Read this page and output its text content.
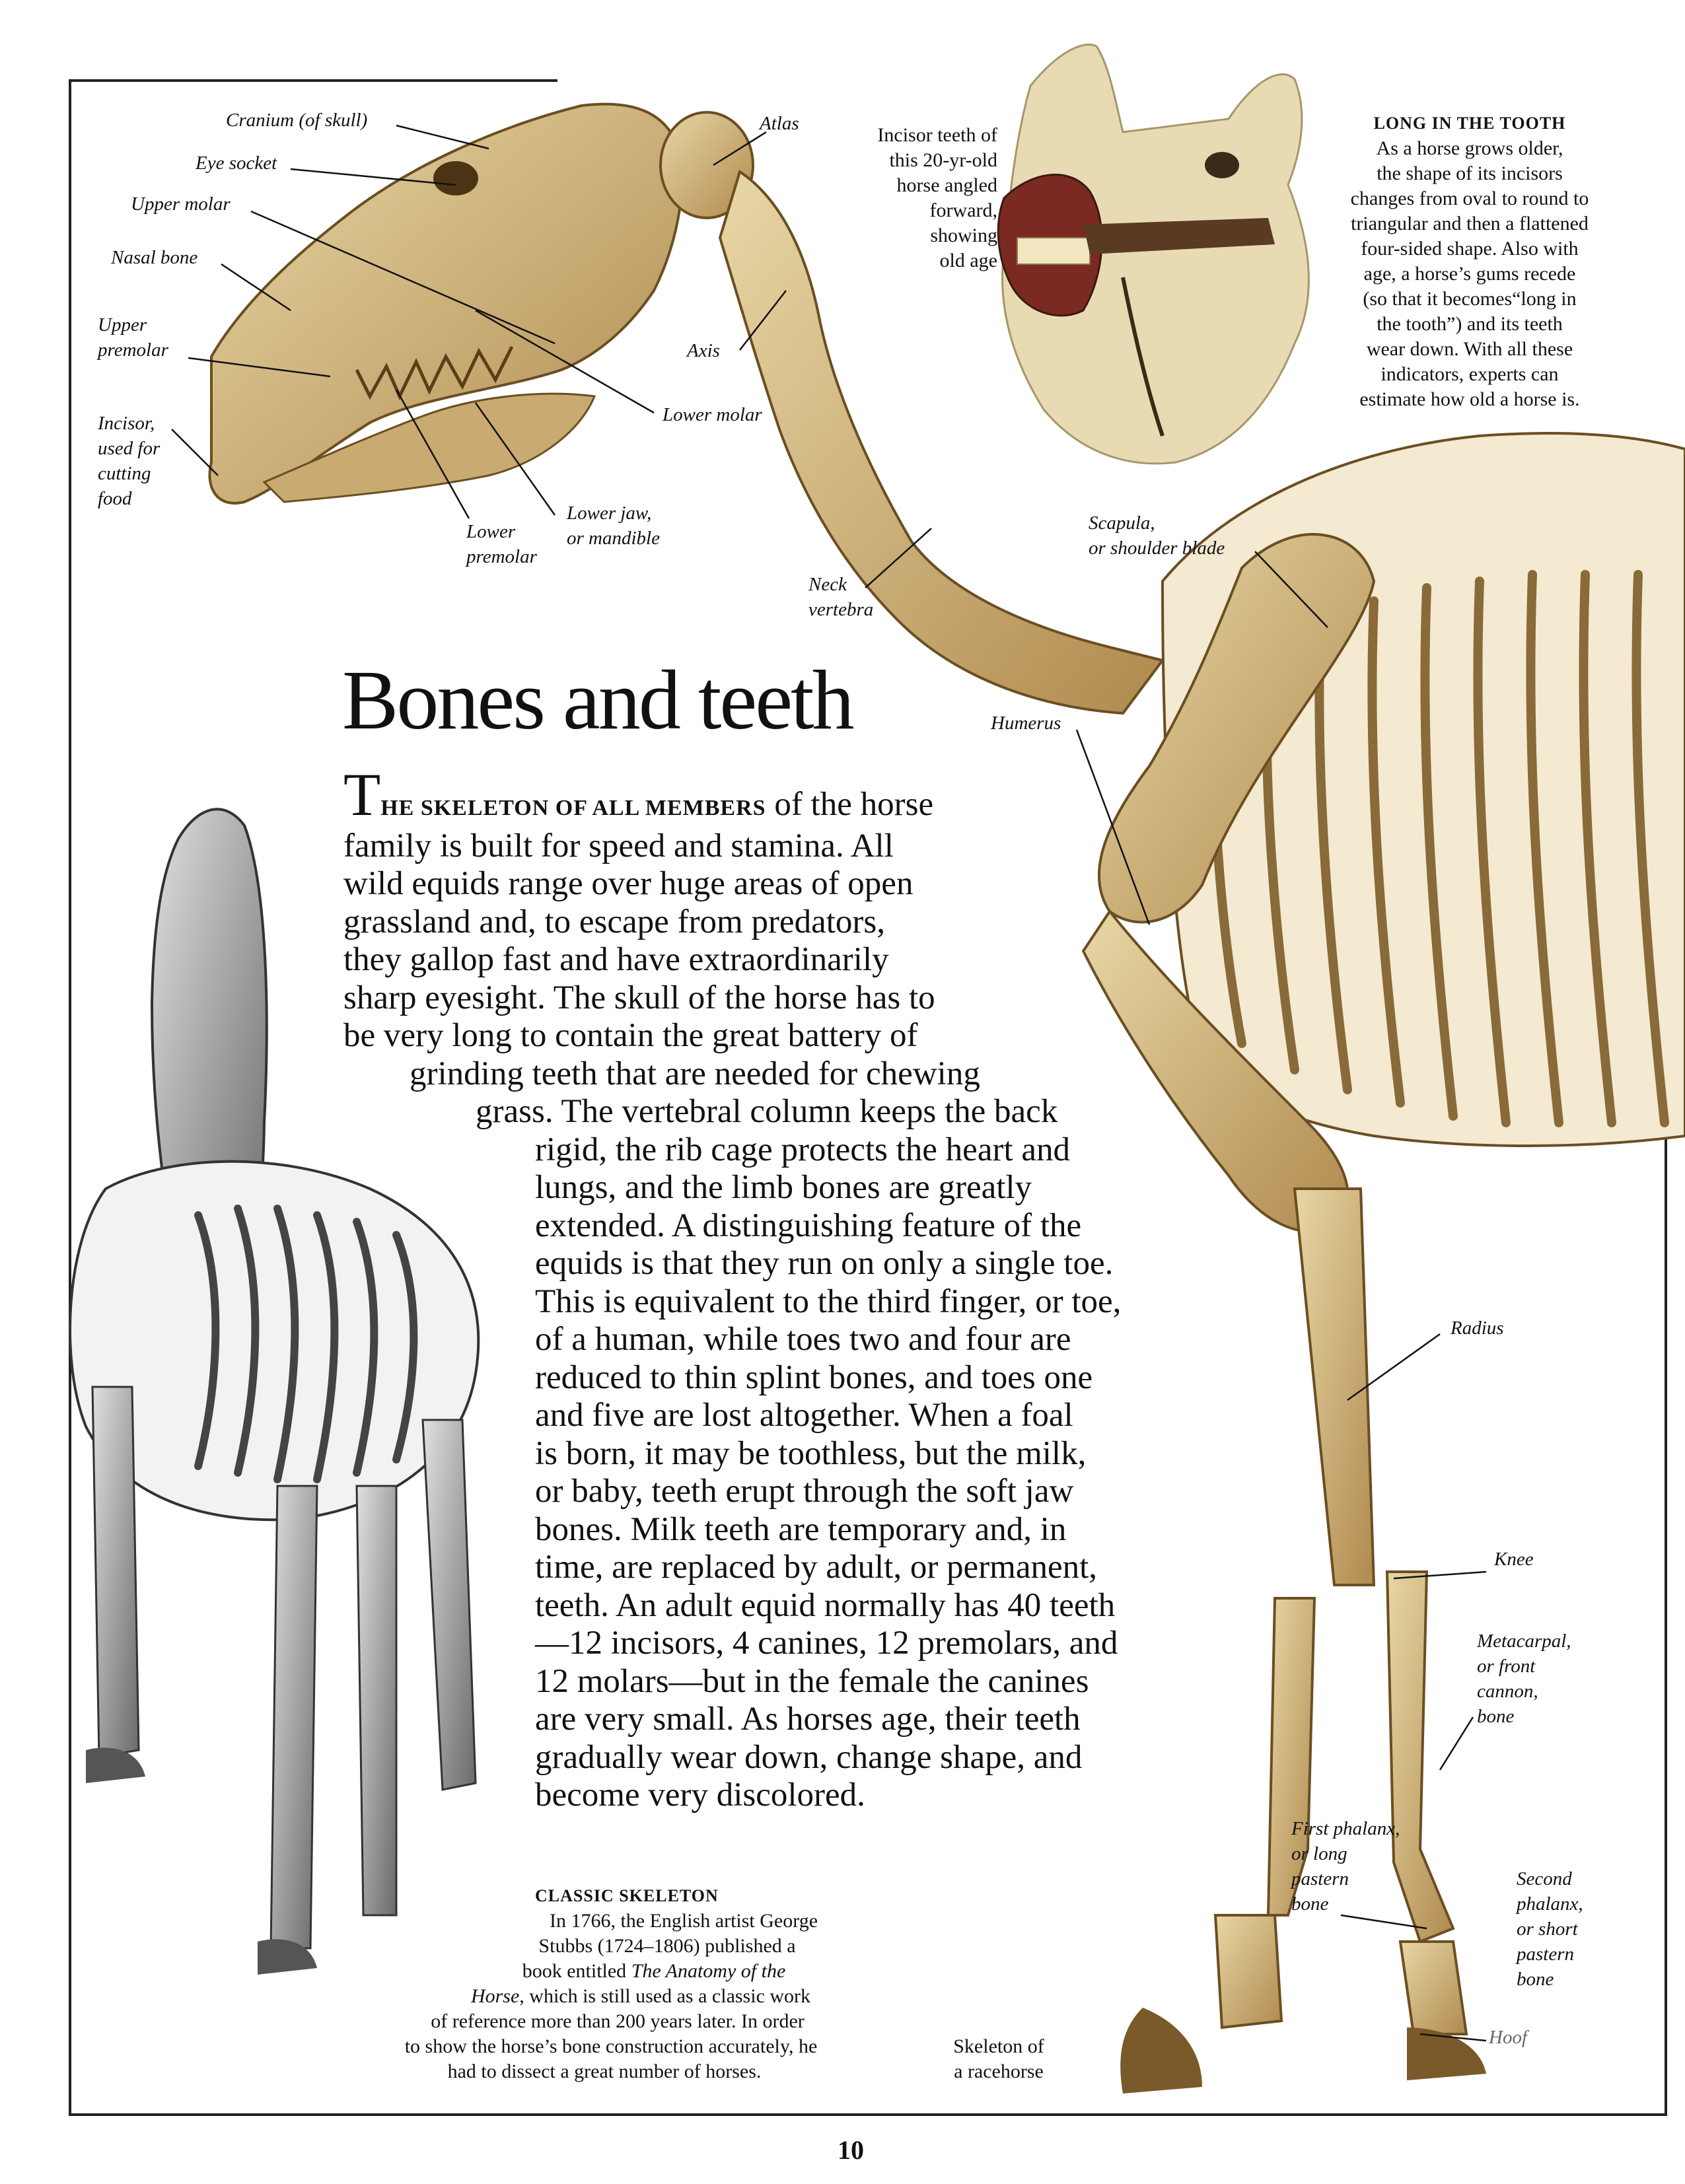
Cranium (of skull)
Eye socket
Upper molar
Nasal bone
Upper
premolar
Incisor,
used for
cutting
food
Lower
premolar
Lower jaw,
or mandible
Lower molar
Atlas
Axis
Neck
vertebra
Scapula,
or shoulder blade
Humerus
Radius
Knee
Metacarpal,
or front
cannon,
bone
First phalanx,
or long
pastern
bone
Second
phalanx,
or short
pastern
bone
Hoof
Incisor teeth of
this 20-yr-old
horse angled
forward,
showing
old age
LONG IN THE TOOTH
As a horse grows older,
the shape of its incisors
changes from oval to round to
triangular and then a flattened
four-sided shape. Also with
age, a horse’s gums recede
(so that it becomes“long in
the tooth”) and its teeth
wear down. With all these
indicators, experts can
estimate how old a horse is.
Bones and teeth
THE SKELETON OF ALL MEMBERS of the horse
family is built for speed and stamina. All
wild equids range over huge areas of open
grassland and, to escape from predators,
they gallop fast and have extraordinarily
sharp eyesight. The skull of the horse has to
be very long to contain the great battery of
grinding teeth that are needed for chewing
grass. The vertebral column keeps the back
rigid, the rib cage protects the heart and
lungs, and the limb bones are greatly
extended. A distinguishing feature of the
equids is that they run on only a single toe.
This is equivalent to the third finger, or toe,
of a human, while toes two and four are
reduced to thin splint bones, and toes one
and five are lost altogether. When a foal
is born, it may be toothless, but the milk,
or baby, teeth erupt through the soft jaw
bones. Milk teeth are temporary and, in
time, are replaced by adult, or permanent,
teeth. An adult equid normally has 40 teeth
—12 incisors, 4 canines, 12 premolars, and
12 molars—but in the female the canines
are very small. As horses age, their teeth
gradually wear down, change shape, and
become very discolored.
CLASSIC SKELETON
In 1766, the English artist George
Stubbs (1724–1806) published a
book entitled The Anatomy of the
Horse, which is still used as a classic work
of reference more than 200 years later. In order
to show the horse’s bone construction accurately, he
had to dissect a great number of horses.
Skeleton of
a racehorse
10
